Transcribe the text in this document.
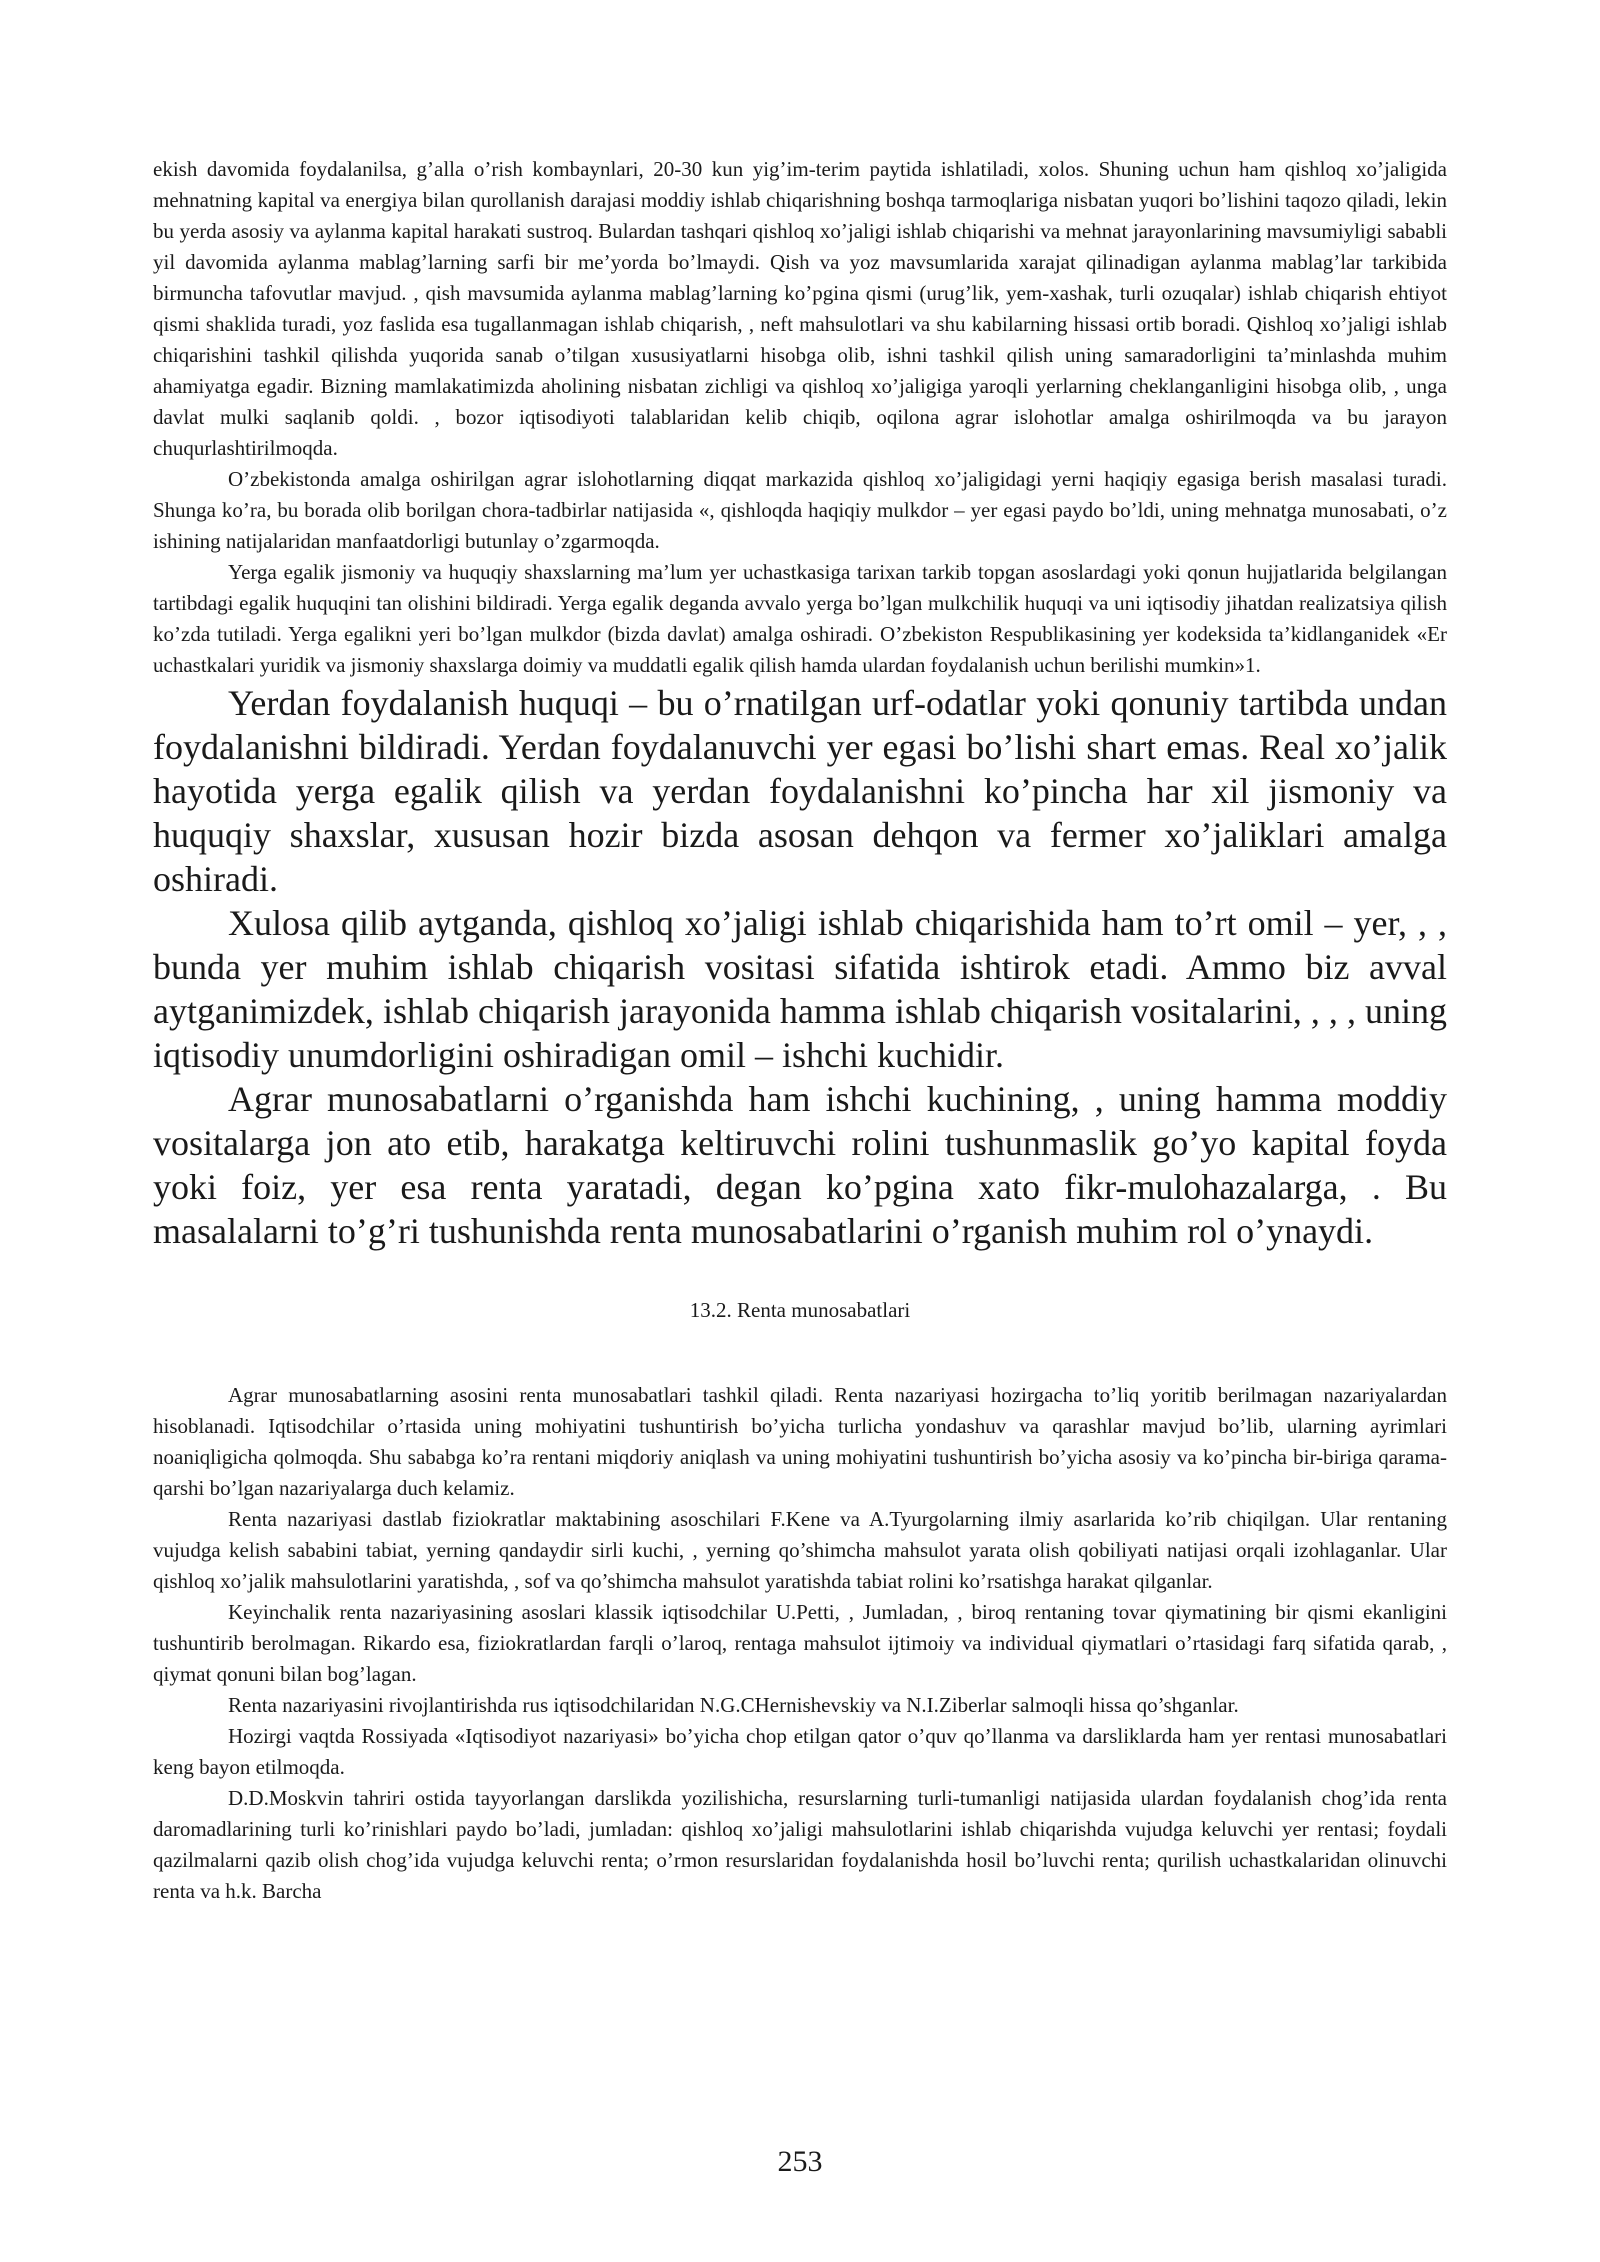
ekish davomida foydalanilsa, g’alla o’rish kombaynlari, 20-30 kun yig’im-terim paytida ishlatiladi, xolos. Shuning uchun ham qishloq xo’jaligida mehnatning kapital va energiya bilan qurollanish darajasi moddiy ishlab chiqarishning boshqa tarmoqlariga nisbatan yuqori bo’lishini taqozo qiladi, lekin bu yerda asosiy va aylanma kapital harakati sustroq. Bulardan tashqari qishloq xo’jaligi ishlab chiqarishi va mehnat jarayonlarining mavsumiyligi sababli yil davomida aylanma mablag’larning sarfi bir me’yorda bo’lmaydi. Qish va yoz mavsumlarida xarajat qilinadigan aylanma mablag’lar tarkibida birmuncha tafovutlar mavjud. , qish mavsumida aylanma mablag’larning ko’pgina qismi (urug’lik, yem-xashak, turli ozuqalar) ishlab chiqarish ehtiyot qismi shaklida turadi, yoz faslida esa tugallanmagan ishlab chiqarish, , neft mahsulotlari va shu kabilarning hissasi ortib boradi. Qishloq xo’jaligi ishlab chiqarishini tashkil qilishda yuqorida sanab o’tilgan xususiyatlarni hisobga olib, ishni tashkil qilish uning samaradorligini ta’minlashda muhim ahamiyatga egadir. Bizning mamlakatimizda aholining nisbatan zichligi va qishloq xo’jaligiga yaroqli yerlarning cheklanganligini hisobga olib, , unga davlat mulki saqlanib qoldi. , bozor iqtisodiyoti talablaridan kelib chiqib, oqilona agrar islohotlar amalga oshirilmoqda va bu jarayon chuqurlashtirilmoqda.

O’zbekistonda amalga oshirilgan agrar islohotlarning diqqat markazida qishloq xo’jaligidagi yerni haqiqiy egasiga berish masalasi turadi. Shunga ko’ra, bu borada olib borilgan chora-tadbirlar natijasida «, qishloqda haqiqiy mulkdor – yer egasi paydo bo’ldi, uning mehnatga munosabati, o’z ishining natijalaridan manfaatdorligi butunlay o’zgarmoqda.

Yerga egalik jismoniy va huquqiy shaxslarning ma’lum yer uchastkasiga tarixan tarkib topgan asoslardagi yoki qonun hujjatlarida belgilangan tartibdagi egalik huquqini tan olishini bildiradi. Yerga egalik deganda avvalo yerga bo’lgan mulkchilik huquqi va uni iqtisodiy jihatdan realizatsiya qilish ko’zda tutiladi. Yerga egalikni yeri bo’lgan mulkdor (bizda davlat) amalga oshiradi. O’zbekiston Respublikasining yer kodeksida ta’kidlanganidek «Er uchastkalari yuridik va jismoniy shaxslarga doimiy va muddatli egalik qilish hamda ulardan foydalanish uchun berilishi mumkin»1.

Yerdan foydalanish huquqi – bu o’rnatilgan urf-odatlar yoki qonuniy tartibda undan foydalanishni bildiradi. Yerdan foydalanuvchi yer egasi bo’lishi shart emas. Real xo’jalik hayotida yerga egalik qilish va yerdan foydalanishni ko’pincha har xil jismoniy va huquqiy shaxslar, xususan hozir bizda asosan dehqon va fermer xo’jaliklari amalga oshiradi.

Xulosa qilib aytganda, qishloq xo’jaligi ishlab chiqarishida ham to’rt omil – yer, , , bunda yer muhim ishlab chiqarish vositasi sifatida ishtirok etadi. Ammo biz avval aytganimizdek, ishlab chiqarish jarayonida hamma ishlab chiqarish vositalarini, , , , uning iqtisodiy unumdorligini oshiradigan omil – ishchi kuchidir.

Agrar munosabatlarni o’rganishda ham ishchi kuchining, , uning hamma moddiy vositalarga jon ato etib, harakatga keltiruvchi rolini tushunmaslik go’yo kapital foyda yoki foiz, yer esa renta yaratadi, degan ko’pgina xato fikr-mulohazalarga, . Bu masalalarni to’g’ri tushunishda renta munosabatlarini o’rganish muhim rol o’ynaydi.

13.2. Renta munosabatlari

Agrar munosabatlarning asosini renta munosabatlari tashkil qiladi. Renta nazariyasi hozirgacha to’liq yoritib berilmagan nazariyalardan hisoblanadi. Iqtisodchilar o’rtasida uning mohiyatini tushuntirish bo’yicha turlicha yondashuv va qarashlar mavjud bo’lib, ularning ayrimlari noaniqligicha qolmoqda. Shu sababga ko’ra rentani miqdoriy aniqlash va uning mohiyatini tushuntirish bo’yicha asosiy va ko’pincha bir-biriga qarama-qarshi bo’lgan nazariyalarga duch kelamiz.

Renta nazariyasi dastlab fiziokratlar maktabining asoschilari F.Kene va A.Tyurgolarning ilmiy asarlarida ko’rib chiqilgan. Ular rentaning vujudga kelish sababini tabiat, yerning qandaydir sirli kuchi, , yerning qo’shimcha mahsulot yarata olish qobiliyati natijasi orqali izohlaganlar. Ular qishloq xo’jalik mahsulotlarini yaratishda, , sof va qo’shimcha mahsulot yaratishda tabiat rolini ko’rsatishga harakat qilganlar.

Keyinchalik renta nazariyasining asoslari klassik iqtisodchilar U.Petti, , Jumladan, , biroq rentaning tovar qiymatining bir qismi ekanligini tushuntirib berolmagan. Rikardo esa, fiziokratlardan farqli o’laroq, rentaga mahsulot ijtimoiy va individual qiymatlari o’rtasidagi farq sifatida qarab, , qiymat qonuni bilan bog’lagan.

Renta nazariyasini rivojlantirishda rus iqtisodchilaridan N.G.CHernishevskiy va N.I.Ziberlar salmoqli hissa qo’shganlar.

Hozirgi vaqtda Rossiyada «Iqtisodiyot nazariyasi» bo’yicha chop etilgan qator o’quv qo’llanma va darsliklarda ham yer rentasi munosabatlari keng bayon etilmoqda.

D.D.Moskvin tahriri ostida tayyorlangan darslikda yozilishicha, resurslarning turli-tumanligi natijasida ulardan foydalanish chog’ida renta daromadlarining turli ko’rinishlari paydo bo’ladi, jumladan: qishloq xo’jaligi mahsulotlarini ishlab chiqarishda vujudga keluvchi yer rentasi; foydali qazilmalarni qazib olish chog’ida vujudga keluvchi renta; o’rmon resurslaridan foydalanishda hosil bo’luvchi renta; qurilish uchastkalaridan olinuvchi renta va h.k. Barcha

253
